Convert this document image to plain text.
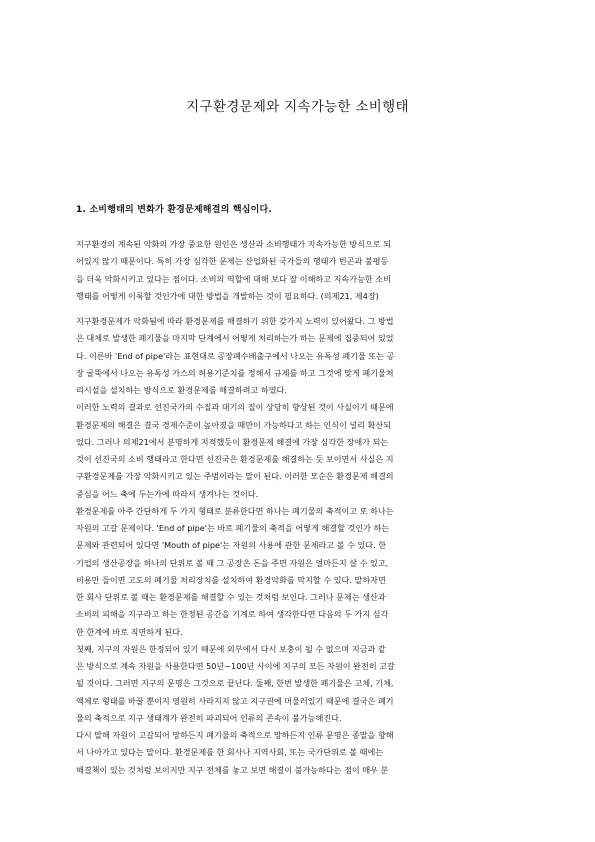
지구환경문제와 지속가능한 소비행태
1. 소비행태의 변화가 환경문제해결의 핵심이다.

지구환경의 계속된 악화의 가장 중요한 원인은 생산과 소비행태가 지속가능한 방식으로 되
어있지 않기 때문이다. 특히 가장 심각한 문제는 산업화된 국가들의 행태가 빈곤과 불평등
을 더욱 악화시키고 있다는 점이다. 소비의 역할에 대해 보다 잘 이해하고 지속가능한 소비
행태를 어떻게 이룩할 것인가에 대한 방법을 개발하는 것이 필요하다. (의제21, 제4장)

지구환경문제가 악화됨에 따라 환경문제를 해결하기 위한 갖가지 노력이 있어왔다. 그 방법
은 대체로 발생한 폐기물을 마지막 단계에서 어떻게 처리하는가 하는 문제에 집중되어 있었
다. 이른바 'End of pipe'라는 표현대로 공장폐수배출구에서 나오는 유독성 폐기물 또는 공
장 굴뚝에서 나오는 유독성 가스의 허용기준치를 정해서 규제를 하고 그것에 맞게 폐기물처
리시설을 설치하는 방식으로 환경문제를 해결하려고 하였다.
이러한 노력의 결과로 선진국가의 수질과 대기의 질이 상당히 향상된 것이 사실이기 때문에
환경문제의 해결은 결국 경제수준이 높아졌을 때만이 가능하다고 하는 인식이 널리 확산되
었다. 그러나 의제21에서 분명하게 지적했듯이 환경문제 해결에 가장 심각한 장애가 되는
것이 선진국의 소비 행태라고 한다면 선진국은 환경문제를 해결하는 듯 보이면서 사실은 지
구환경문제를 가장 악화시키고 있는 주범이라는 말이 된다. 이러한 모순은 환경문제 해결의
중심을 어느 축에 두는가에 따라서 생겨나는 것이다.
환경문제를 아주 간단하게 두 가지 형태로 분류한다면 하나는 폐기물의 축적이고 또 하나는
자원의 고갈 문제이다. 'End of pipe'는 바로 폐기물의 축적을 어떻게 해결할 것인가 하는
문제와 관련되어 있다면 'Mouth of pipe'는 자원의 사용에 관한 문제라고 볼 수 있다. 한
기업의 생산공장을 하나의 단위로 볼 때 그 공장은 돈을 주면 자원은 얼마든지 살 수 있고,
비용만 들이면 고도의 폐기물 처리장치를 설치하여 환경악화를 막지할 수 있다. 말하자면
한 회사 단위로 볼 때는 환경문제를 해결할 수 있는 것처럼 보인다. 그러나 문제는 생산과
소비의 피해을 지구라고 하는 한정된 공간을 기계로 하여 생각한다면 다음의 두 가지 심각
한 한계에 바로 직면하게 된다.
첫째, 지구의 자원은 한정되어 있기 때문에 외부에서 다시 보충이 될 수 없으며 지금과 같
은 방식으로 계속 자원을 사용한다면 50년~100년 사이에 지구의 모든 자원이 완전히 고갈
될 것이다. 그러면 지구의 문명은 그것으로 끝난다. 둘째, 한번 발생한 폐기물은 고체, 기체,
액체로 형태를 바꿀 뿐이지 영원히 사라지지 않고 지구권에 머물러있기 때문에 결국은 폐기
물의 축적으로 지구 생태계가 완전히 파괴되어 인류의 존속이 불가능해진다.
다시 말해 자원이 고갈되어 망하든지 폐기물의 축적으로 망하든지 인류 문명은 종말을 향해
서 나아가고 있다는 말이다. 환경문제를 한 회사나 지역사회, 또는 국가단위로 볼 때에는
해결책이 있는 것처럼 보이지만 지구 전체를 놓고 보면 해결이 불가능하다는 점이 매우 분
